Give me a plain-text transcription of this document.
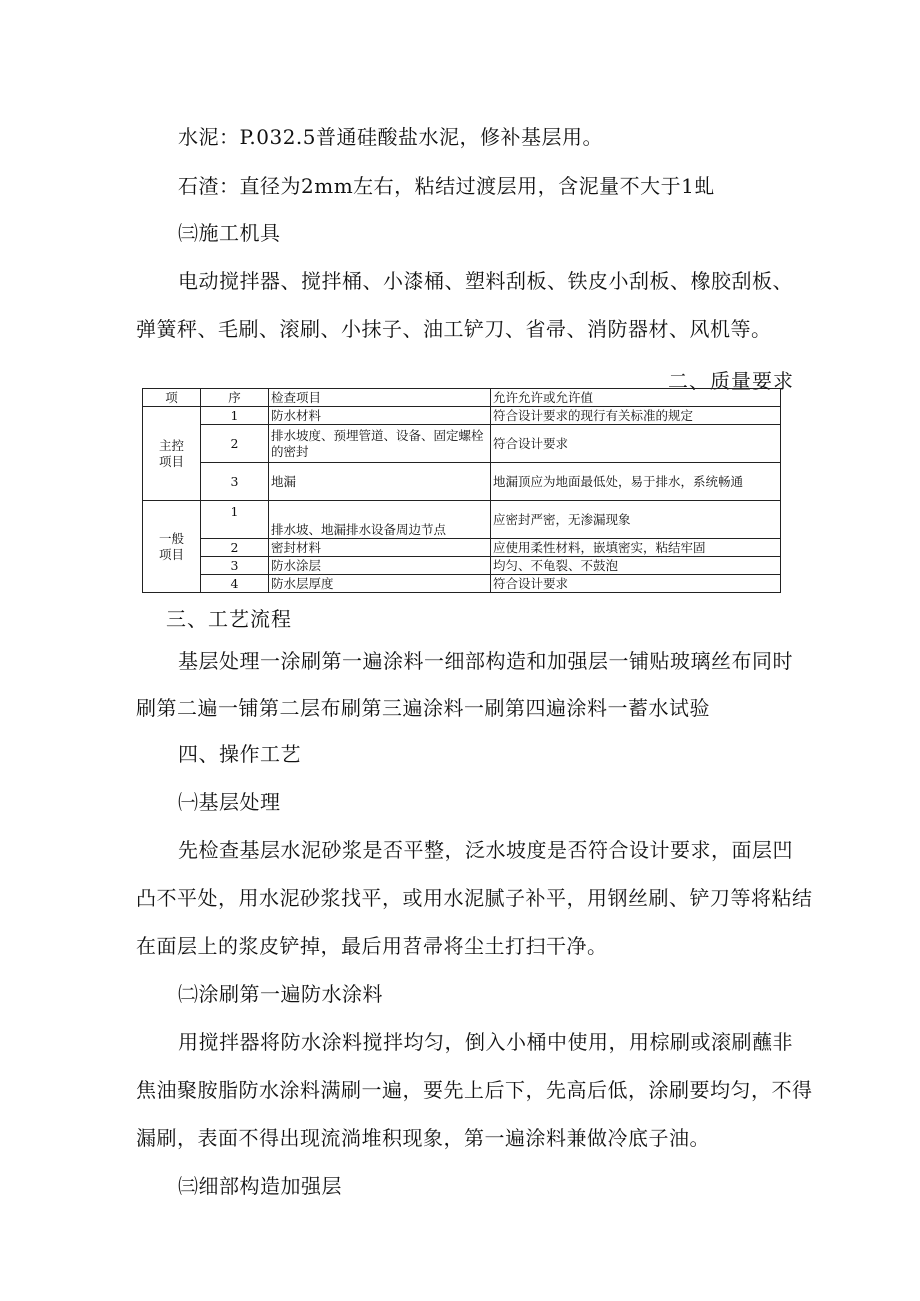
水泥：P.032.5普通硅酸盐水泥，修补基层用。

石渣：直径为2mm左右，粘结过渡层用，含泥量不大于1虬

㈢施工机具

电动搅拌器、搅拌桶、小漆桶、塑料刮板、铁皮小刮板、橡胶刮板、

弹簧秤、毛刷、滚刷、小抹子、油工铲刀、省帚、消防器材、风机等。

二、质量要求

项	序	检查项目	允许允许或允许值
主控
项目	1	防水材料	符合设计要求的现行有关标准的规定
	2	排水坡度、预埋管道、设备、固定螺栓的密封	符合设计要求
	3	地漏	地漏顶应为地面最低处，易于排水，系统畅通
一般
项目	1	排水坡、地漏排水设备周边节点	应密封严密，无渗漏现象
	2	密封材料	应使用柔性材料，嵌填密实，粘结牢固
	3	防水涂层	均匀、不龟裂、不鼓泡
	4	防水层厚度	符合设计要求

三、工艺流程

基层处理一涂刷第一遍涂料一细部构造和加强层一铺贴玻璃丝布同时

刷第二遍一铺第二层布刷第三遍涂料一刷第四遍涂料一蓄水试验

四、操作工艺

㈠基层处理

先检查基层水泥砂浆是否平整，泛水坡度是否符合设计要求，面层凹

凸不平处，用水泥砂浆找平，或用水泥腻子补平，用钢丝刷、铲刀等将粘结

在面层上的浆皮铲掉，最后用苕帚将尘土打扫干净。

㈡涂刷第一遍防水涂料

用搅拌器将防水涂料搅拌均匀，倒入小桶中使用，用棕刷或滚刷蘸非

焦油聚胺脂防水涂料满刷一遍，要先上后下，先高后低，涂刷要均匀，不得

漏刷，表面不得出现流淌堆积现象，第一遍涂料兼做冷底子油。

㈢细部构造加强层
